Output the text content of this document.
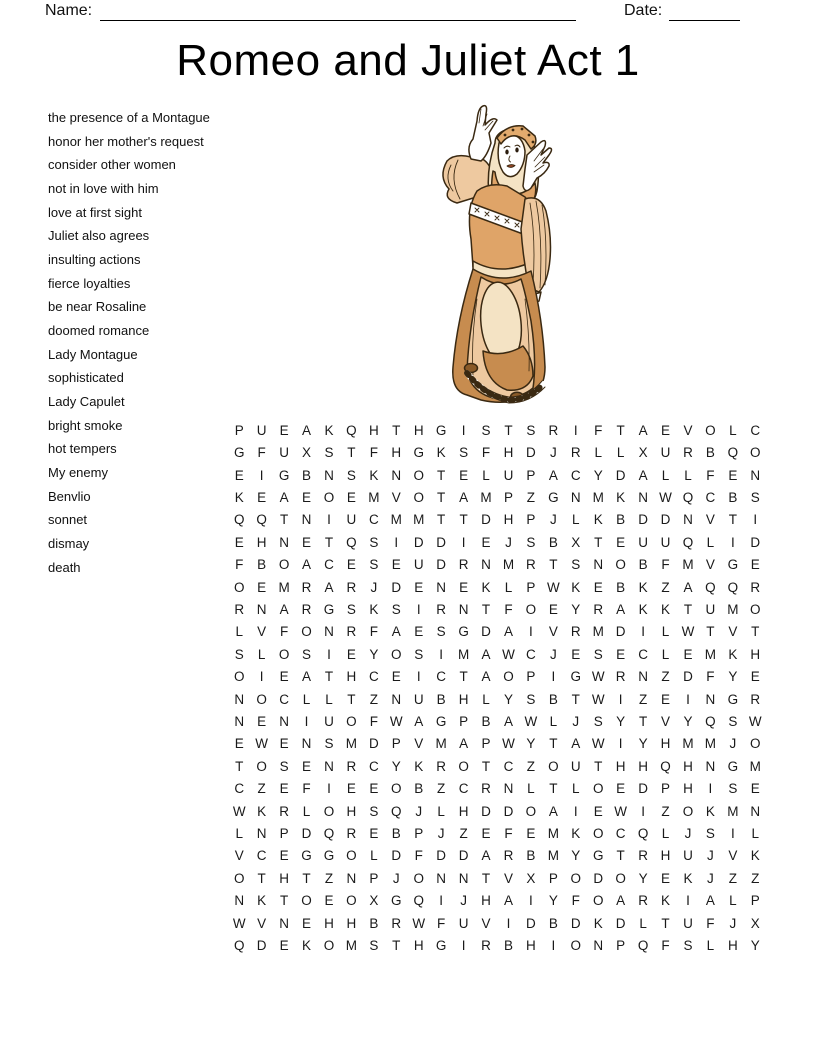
Name:	Date:
Romeo and Juliet Act 1
the presence of a Montague
honor her mother's request
consider other women
not in love with him
love at first sight
Juliet also agrees
insulting actions
fierce loyalties
be near Rosaline
doomed romance
Lady Montague
sophisticated
Lady Capulet
bright smoke
hot tempers
My enemy
Benvlio
sonnet
dismay
death
P U E A K Q H T H G	I	S	T	S R	I	F	T	A E V O L	C
G F U X S	T	F H G K S	F H D	J	R	L	L	X U R B Q O
E	I	G B N S K N O T	E	L	U P A C Y D A	L	L	F	E N
K E A E O E M V O T	A M P	Z G N M K N W Q C B S
Q Q T N	I	U C M M T	T D H P	J	L	K B D D N V	T	I
E H N E	T Q S	I	D D	I	E	J	S B X	T	E U U Q L	I	D
F	B O A C E S E U D R N M R T	S N O B	F M V G E
O E M R A R	J	D E N E K	L	P W K E B K	Z	A Q Q R
R N A R G S K S	I	R N T	F O E Y R A K K	T U M O
L	V	F O N R F	A E S G D A	I	V R M D	I	L W T	V	T
S	L O S	I	E Y O S	I	M A W C	J	E S E C	L	E M K H
O	I	E A	T H C E	I	C T	A O P	I	G W R N Z D F	Y E
N O C	L	L	T	Z N U B H	L	Y S B	T W	I	Z	E	I	N G R
N E N	I	U O F W A G P B A W L	J	S Y	T	V Y Q S W
E W E N S M D P V M A P W Y	T	A W	I	Y H M M J	O
T O S E N R C Y K R O T C Z O U T H H Q H N G M
C Z	E	F	I	E E O B	Z C R N	L	T	L O E D P H	I	S E
W K R	L O H S Q	J	L	H D D O A	I	E W	I	Z O K M N
L	N P D Q R E B P	J	Z	E	F	E M K O C Q L	J	S	I	L
V C E G G O L	D F D D A R B M Y G T R H U	J	V K
O T H T	Z N P	J	O N N T	V X P O D O Y E K	J	Z	Z
N K	T O E O X G Q	I	J	H A	I	Y	F O A R K	I	A	L	P
W V N E H H B R W F U V	I	D B D K D	L	T U F	J	X
Q D E K O M S	T H G	I	R B H	I	O N P Q F	S	L	H Y
